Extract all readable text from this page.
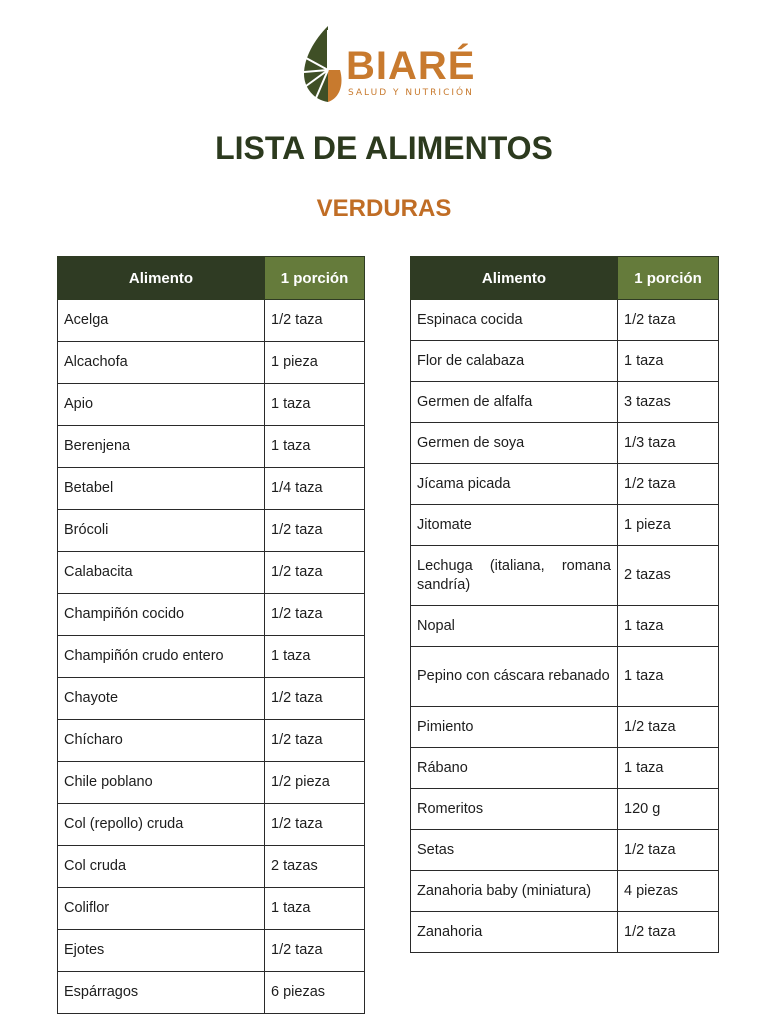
BIARÉ
SALUD Y NUTRICIÓN
LISTA DE ALIMENTOS
VERDURAS
Alimento	1 porción
Acelga	1/2 taza
Alcachofa	1 pieza
Apio	1 taza
Berenjena	1 taza
Betabel	1/4 taza
Brócoli	1/2 taza
Calabacita	1/2 taza
Champiñón cocido	1/2 taza
Champiñón crudo entero	1 taza
Chayote	1/2 taza
Chícharo	1/2 taza
Chile poblano	1/2 pieza
Col (repollo) cruda	1/2 taza
Col cruda	2 tazas
Coliflor	1 taza
Ejotes	1/2 taza
Espárragos	6 piezas
Alimento	1 porción
Espinaca cocida	1/2 taza
Flor de calabaza	1 taza
Germen de alfalfa	3 tazas
Germen de soya	1/3 taza
Jícama picada	1/2 taza
Jitomate	1 pieza
Lechuga (italiana, romana sandría)	2 tazas
Nopal	1 taza
Pepino con cáscara rebanado	1 taza
Pimiento	1/2 taza
Rábano	1 taza
Romeritos	120 g
Setas	1/2 taza
Zanahoria baby (miniatura)	4 piezas
Zanahoria	1/2 taza
